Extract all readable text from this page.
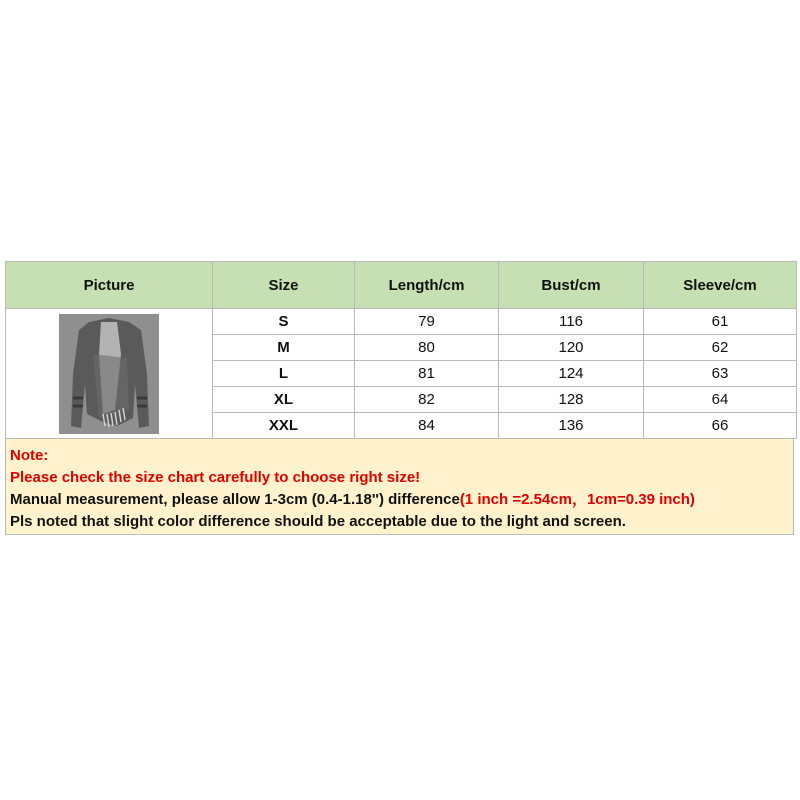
Picture	Size	Length/cm	Bust/cm	Sleeve/cm

	S	79	116	61
	M	80	120	62
	L	81	124	63
	XL	82	128	64
	XXL	84	136	66
Note:
Please check the size chart carefully to choose right size!
Manual measurement, please allow 1-3cm (0.4-1.18'') difference(1 inch =2.54cm，1cm=0.39 inch)
Pls noted that slight color difference should be acceptable due to the light and screen.
